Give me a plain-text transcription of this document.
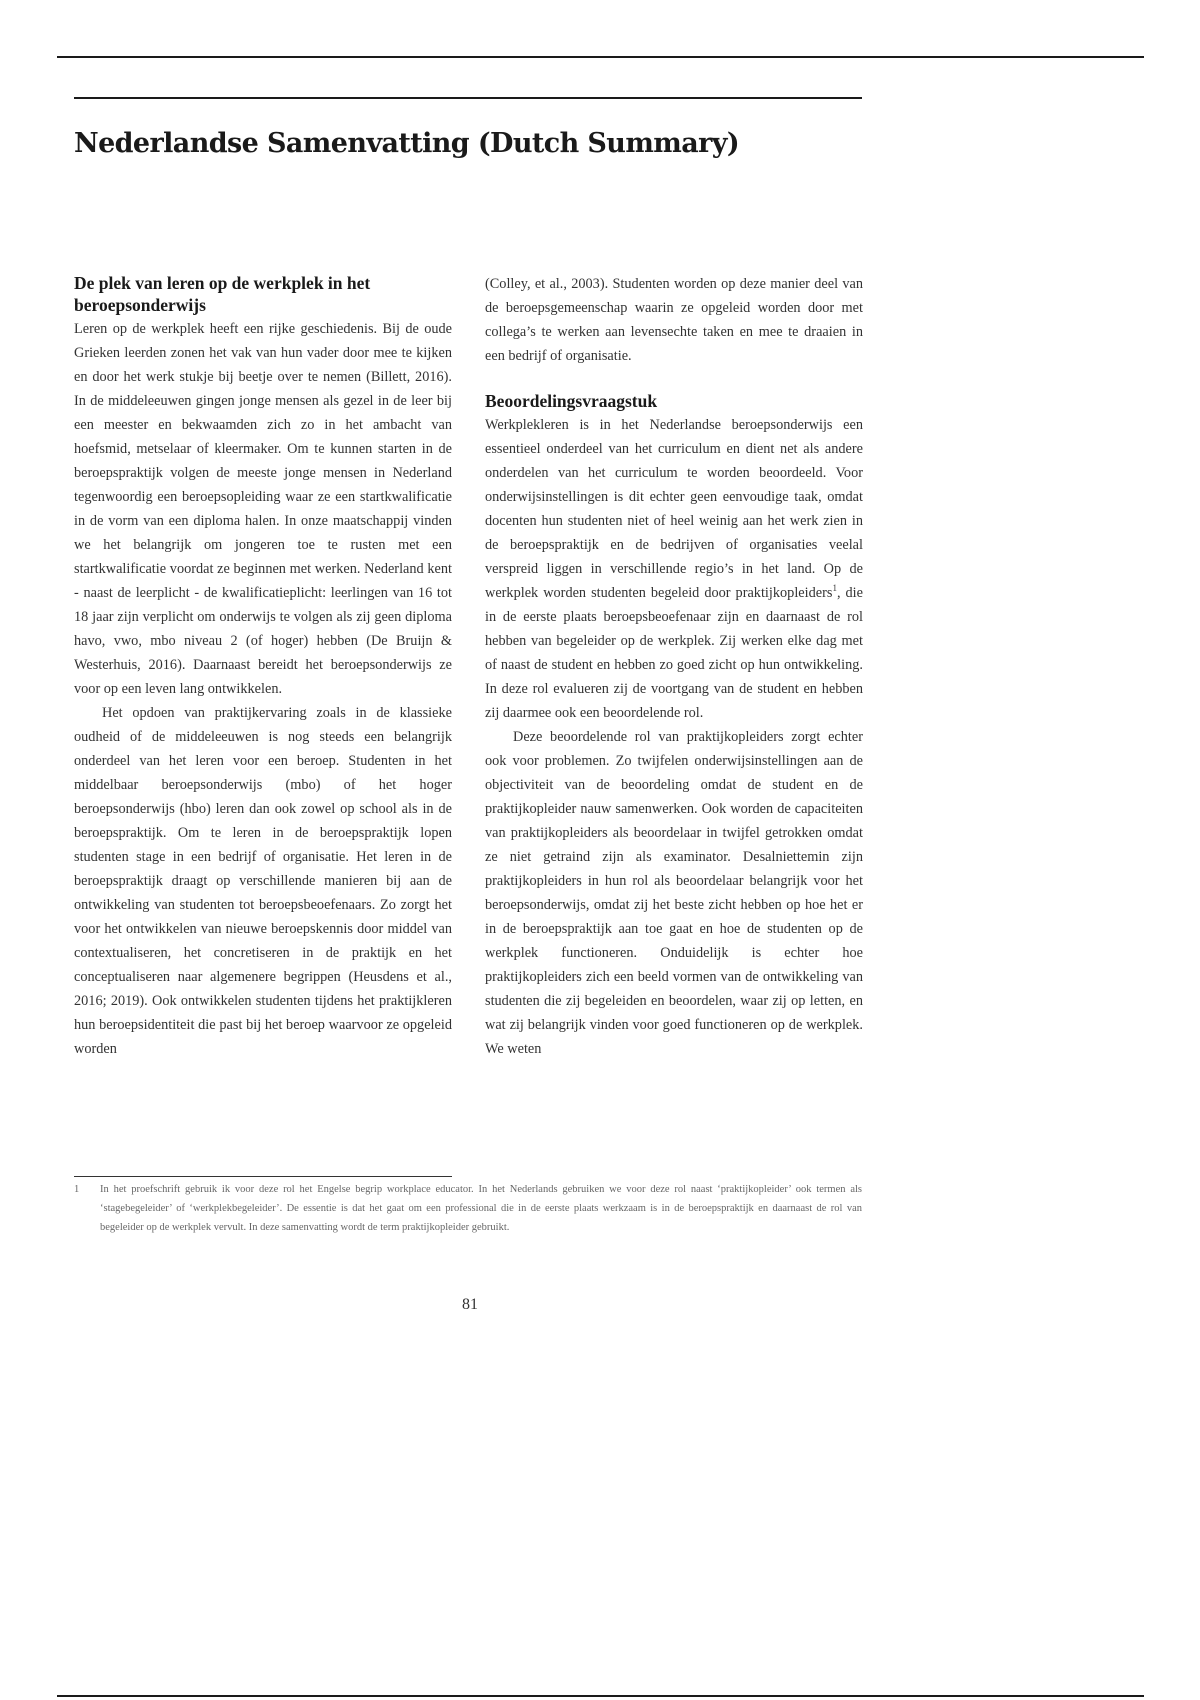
Nederlandse Samenvatting (Dutch Summary)
De plek van leren op de werkplek in het beroepsonderwijs

Leren op de werkplek heeft een rijke geschiedenis. Bij de oude Grieken leerden zonen het vak van hun vader door mee te kijken en door het werk stukje bij beetje over te nemen (Billett, 2016). In de middeleeuwen gingen jonge mensen als gezel in de leer bij een meester en bekwaamden zich zo in het ambacht van hoefsmid, metselaar of kleermaker. Om te kunnen starten in de beroepspraktijk volgen de meeste jonge mensen in Nederland tegenwoordig een beroepsopleiding waar ze een startkwalificatie in de vorm van een diploma halen. In onze maatschappij vinden we het belangrijk om jongeren toe te rusten met een startkwalificatie voordat ze beginnen met werken. Nederland kent - naast de leerplicht - de kwalificatieplicht: leerlingen van 16 tot 18 jaar zijn verplicht om onderwijs te volgen als zij geen diploma havo, vwo, mbo niveau 2 (of hoger) hebben (De Bruijn & Westerhuis, 2016). Daarnaast bereidt het beroepsonderwijs ze voor op een leven lang ontwikkelen.

Het opdoen van praktijkervaring zoals in de klassieke oudheid of de middeleeuwen is nog steeds een belangrijk onderdeel van het leren voor een beroep. Studenten in het middelbaar beroepsonderwijs (mbo) of het hoger beroepsonderwijs (hbo) leren dan ook zowel op school als in de beroepspraktijk. Om te leren in de beroepspraktijk lopen studenten stage in een bedrijf of organisatie. Het leren in de beroepspraktijk draagt op verschillende manieren bij aan de ontwikkeling van studenten tot beroepsbeoefenaars. Zo zorgt het voor het ontwikkelen van nieuwe beroepskennis door middel van contextualiseren, het concretiseren in de praktijk en het conceptualiseren naar algemenere begrippen (Heusdens et al., 2016; 2019). Ook ontwikkelen studenten tijdens het praktijkleren hun beroepsidentiteit die past bij het beroep waarvoor ze opgeleid worden

(Colley, et al., 2003). Studenten worden op deze manier deel van de beroepsgemeenschap waarin ze opgeleid worden door met collega’s te werken aan levensechte taken en mee te draaien in een bedrijf of organisatie.

Beoordelingsvraagstuk

Werkplekleren is in het Nederlandse beroepsonderwijs een essentieel onderdeel van het curriculum en dient net als andere onderdelen van het curriculum te worden beoordeeld. Voor onderwijsinstellingen is dit echter geen eenvoudige taak, omdat docenten hun studenten niet of heel weinig aan het werk zien in de beroepspraktijk en de bedrijven of organisaties veelal verspreid liggen in verschillende regio’s in het land. Op de werkplek worden studenten begeleid door praktijkopleiders$^1$, die in de eerste plaats beroepsbeoefenaar zijn en daarnaast de rol hebben van begeleider op de werkplek. Zij werken elke dag met of naast de student en hebben zo goed zicht op hun ontwikkeling. In deze rol evalueren zij de voortgang van de student en hebben zij daarmee ook een beoordelende rol.

Deze beoordelende rol van praktijkopleiders zorgt echter ook voor problemen. Zo twijfelen onderwijsinstellingen aan de objectiviteit van de beoordeling omdat de student en de praktijkopleider nauw samenwerken. Ook worden de capaciteiten van praktijkopleiders als beoordelaar in twijfel getrokken omdat ze niet getraind zijn als examinator. Desalniettemin zijn praktijkopleiders in hun rol als beoordelaar belangrijk voor het beroepsonderwijs, omdat zij het beste zicht hebben op hoe het er in de beroepspraktijk aan toe gaat en hoe de studenten op de werkplek functioneren. Onduidelijk is echter hoe praktijkopleiders zich een beeld vormen van de ontwikkeling van studenten die zij begeleiden en beoordelen, waar zij op letten, en wat zij belangrijk vinden voor goed functioneren op de werkplek. We weten

1 In het proefschrift gebruik ik voor deze rol het Engelse begrip workplace educator. In het Nederlands gebruiken we voor deze rol naast ‘praktijkopleider’ ook termen als ‘stagebegeleider’ of ‘werkplekbegeleider’. De essentie is dat het gaat om een professional die in de eerste plaats werkzaam is in de beroepspraktijk en daarnaast de rol van begeleider op de werkplek vervult. In deze samenvatting wordt de term praktijkopleider gebruikt.
81
